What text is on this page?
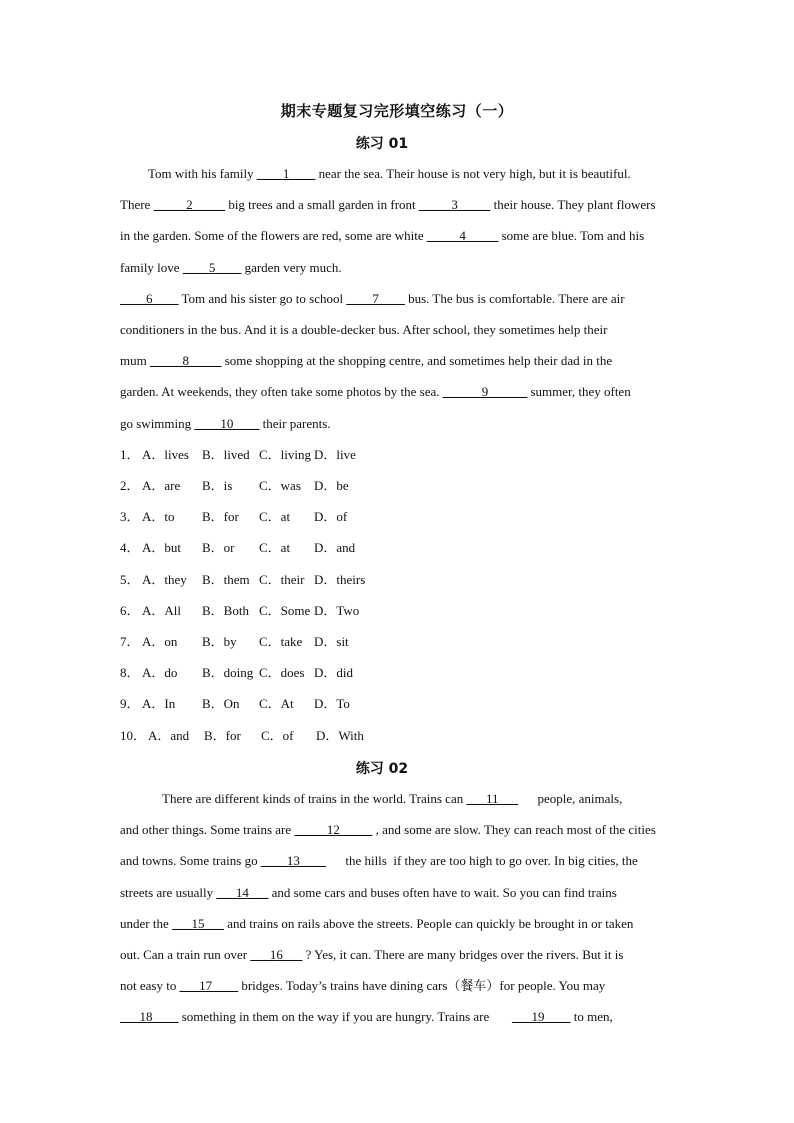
期末专题复习完形填空练习（一）
练习 01
Tom with his family ____1____ near the sea. Their house is not very high, but it is beautiful.
There _____2_____ big trees and a small garden in front _____3_____ their house. They plant flowers
in the garden. Some of the flowers are red, some are white _____4_____ some are blue. Tom and his
family love ____5____ garden very much.
____6____ Tom and his sister go to school ____7____ bus. The bus is comfortable. There are air
conditioners in the bus. And it is a double-decker bus. After school, they sometimes help their
mum _____8_____ some shopping at the shopping centre, and sometimes help their dad in the
garden. At weekends, they often take some photos by the sea. ______9______ summer, they often
go swimming ____10____ their parents.
1． A．lives B．lived C．living D．live
2． A．are B．is C．was D．be
3． A．to B．for C．at D．of
4． A．but B．or C．at D．and
5． A．they B．them C．their D．theirs
6． A．All B．Both C．Some D．Two
7． A．on B．by C．take D．sit
8． A．do B．doing C．does D．did
9． A．In B．On C．At D．To
10． A．and B．for C．of D．With
练习 02
There are different kinds of trains in the world. Trains can ___11___      people, animals,
and other things. Some trains are _____12_____ , and some are slow. They can reach most of the cities
and towns. Some trains go ____13____      the hills  if they are too high to go over. In big cities, the
streets are usually ___14___ and some cars and buses often have to wait. So you can find trains
under the ___15___ and trains on rails above the streets. People can quickly be brought in or taken
out. Can a train run over ___16___ ? Yes, it can. There are many bridges over the rivers. But it is
not easy to ___17____ bridges. Today’s trains have dining cars（餐车）for people. You may
___18____ something in them on the way if you are hungry. Trains are       ___19____ to men,
